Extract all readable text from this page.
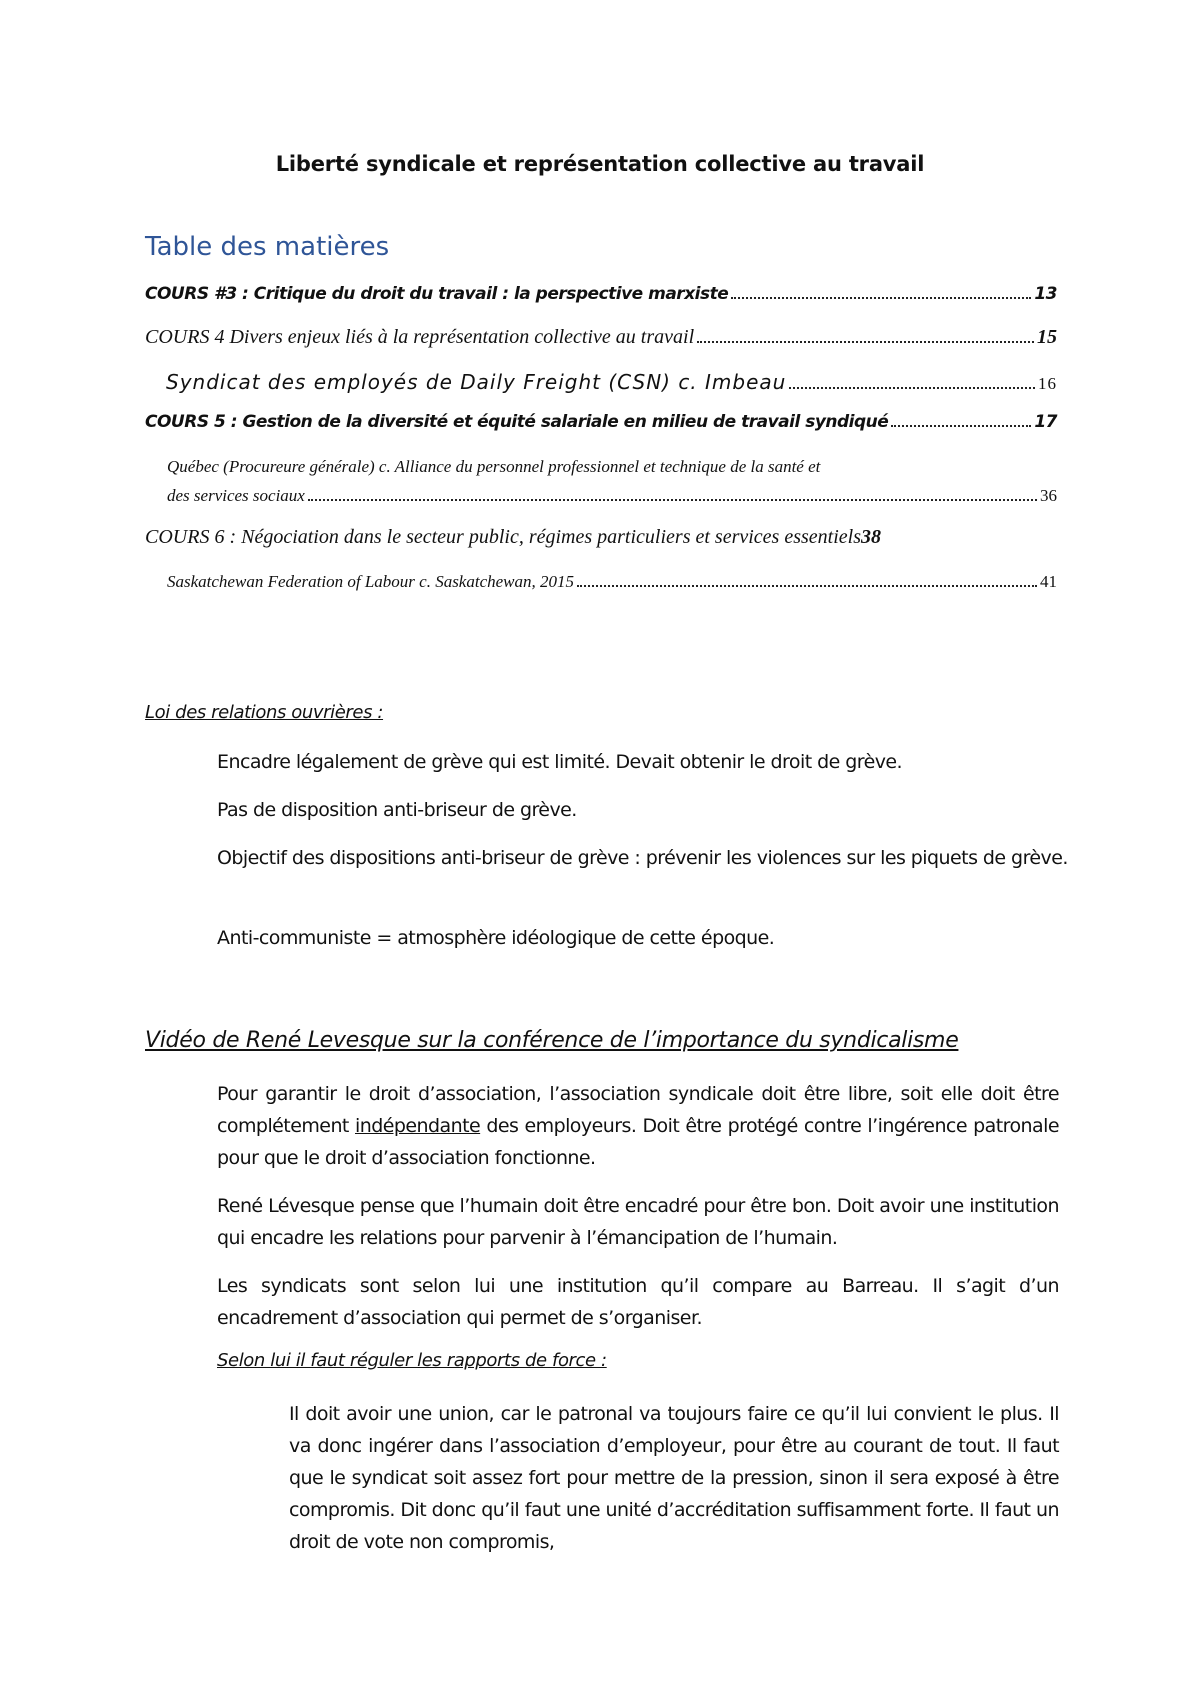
Liberté syndicale et représentation collective au travail
Table des matières
COURS #3 : Critique du droit du travail : la perspective marxiste	13
COURS 4 Divers enjeux liés à la représentation collective au travail	15
Syndicat des employés de Daily Freight (CSN) c. Imbeau	16
COURS 5 : Gestion de la diversité et équité salariale en milieu de travail syndiqué	17
Québec (Procureure générale) c. Alliance du personnel professionnel et technique de la santé et
des services sociaux	36
COURS 6 : Négociation dans le secteur public, régimes particuliers et services essentiels 38
Saskatchewan Federation of Labour c. Saskatchewan, 2015	41
Loi des relations ouvrières :

Encadre légalement de grève qui est limité. Devait obtenir le droit de grève.

Pas de disposition anti-briseur de grève.

Objectif des dispositions anti-briseur de grève : prévenir les violences sur les piquets de grève.

Anti-communiste = atmosphère idéologique de cette époque.

Vidéo de René Levesque sur la conférence de l’importance du syndicalisme

Pour garantir le droit d’association, l’association syndicale doit être libre, soit elle doit être complétement indépendante des employeurs. Doit être protégé contre l’ingérence patronale pour que le droit d’association fonctionne.

René Lévesque pense que l’humain doit être encadré pour être bon. Doit avoir une institution qui encadre les relations pour parvenir à l’émancipation de l’humain.

Les syndicats sont selon lui une institution qu’il compare au Barreau. Il s’agit d’un encadrement d’association qui permet de s’organiser.

Selon lui il faut réguler les rapports de force :

Il doit avoir une union, car le patronal va toujours faire ce qu’il lui convient le plus. Il va donc ingérer dans l’association d’employeur, pour être au courant de tout. Il faut que le syndicat soit assez fort pour mettre de la pression, sinon il sera exposé à être compromis. Dit donc qu’il faut une unité d’accréditation suffisamment forte. Il faut un droit de vote non compromis,
